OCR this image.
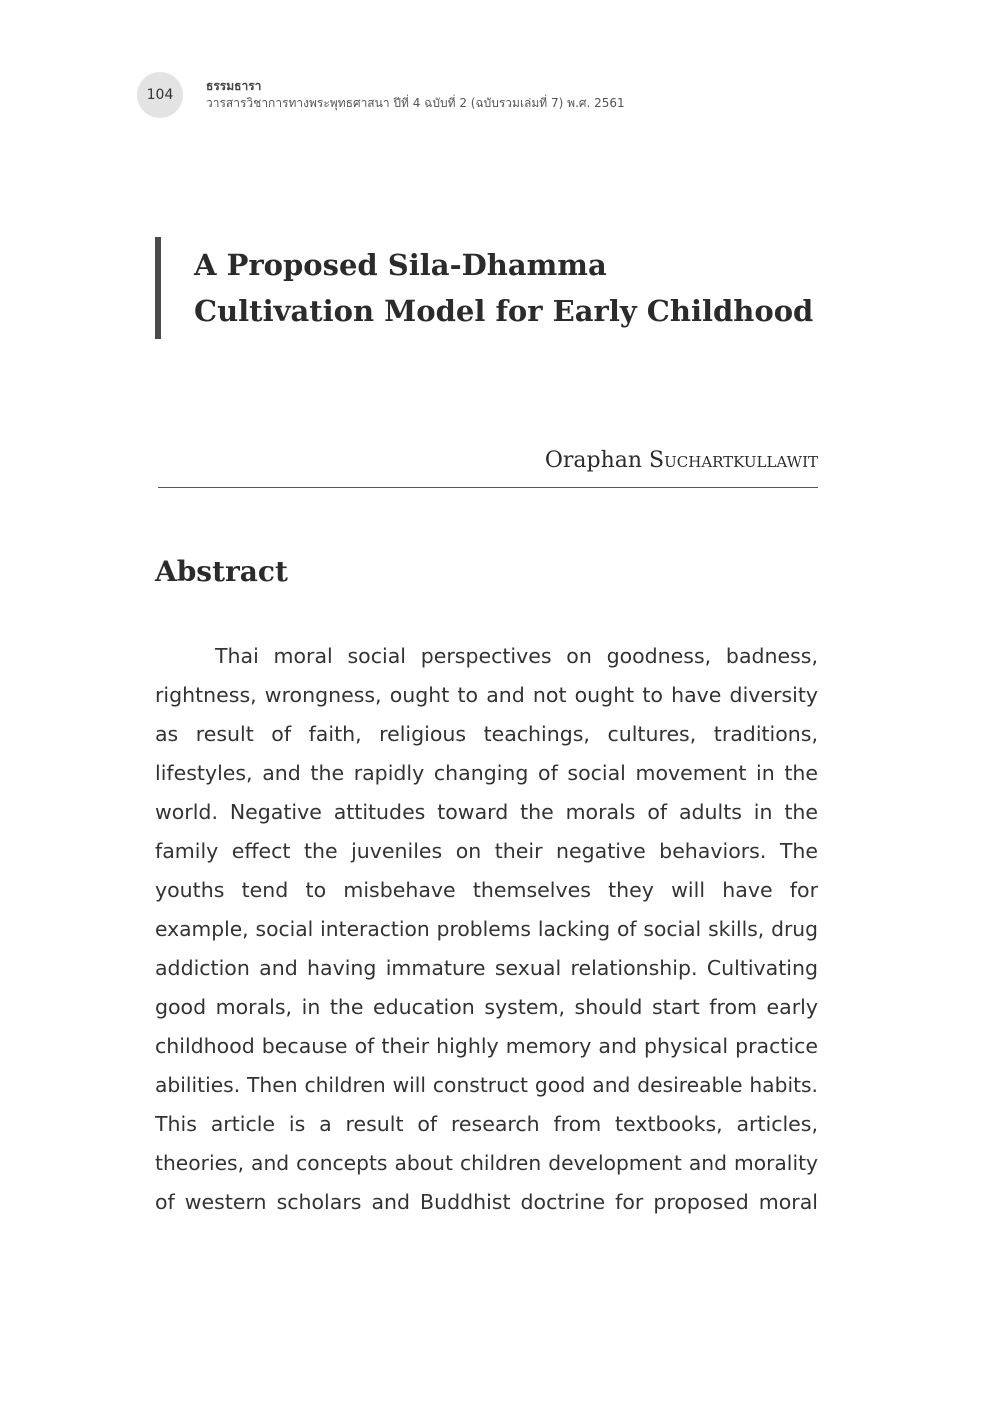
104
ธรรมธารา
วารสารวิชาการทางพระพุทธศาสนา ปีที่ 4 ฉบับที่ 2 (ฉบับรวมเล่มที่ 7) พ.ศ. 2561
A Proposed Sila-Dhamma
Cultivation Model for Early Childhood
Oraphan Suchartkullawit
Abstract
Thai moral social perspectives on goodness, badness,
rightness, wrongness, ought to and not ought to have diversity
as result of faith, religious teachings, cultures, traditions,
lifestyles, and the rapidly changing of social movement in the
world. Negative attitudes toward the morals of adults in the
family effect the juveniles on their negative behaviors. The
youths tend to misbehave themselves they will have for
example, social interaction problems lacking of social skills, drug
addiction and having immature sexual relationship. Cultivating
good morals, in the education system, should start from early
childhood because of their highly memory and physical practice
abilities. Then children will construct good and desireable habits.
This article is a result of research from textbooks, articles,
theories, and concepts about children development and morality
of western scholars and Buddhist doctrine for proposed moral
